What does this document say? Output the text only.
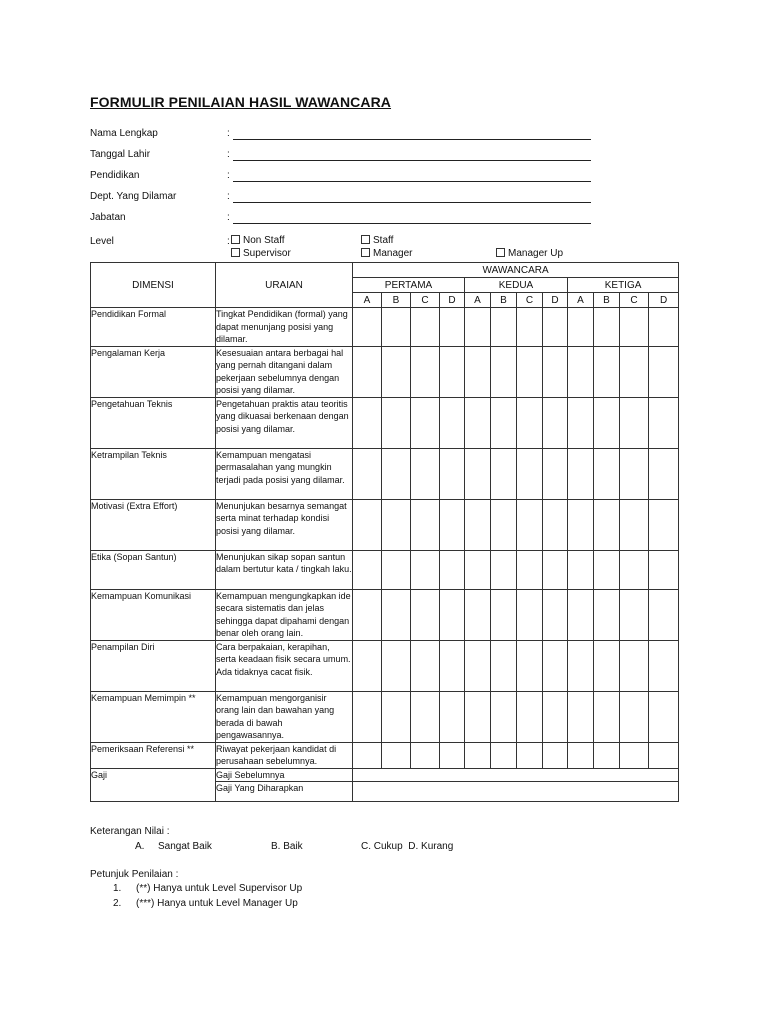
FORMULIR PENILAIAN HASIL WAWANCARA
Nama Lengkap	:
Tanggal Lahir	:
Pendidikan	:
Dept. Yang Dilamar	:
Jabatan	:
Level	:	Non Staff	Staff
Supervisor	Manager	Manager Up
DIMENSI	URAIAN	WAWANCARA											
		PERTAMA				KEDUA				KETIGA			
		A	B	C	D	A	B	C	D	A	B	C	D
Pendidikan Formal	Tingkat Pendidikan (formal) yang dapat menunjang posisi yang dilamar.												
Pengalaman Kerja	Kesesuaian antara berbagai hal yang pernah ditangani dalam pekerjaan sebelumnya dengan posisi yang dilamar.												
Pengetahuan Teknis	Pengetahuan praktis atau teoritis yang dikuasai berkenaan dengan posisi yang dilamar.												
Ketrampilan Teknis	Kemampuan mengatasi permasalahan yang mungkin terjadi pada posisi yang dilamar.												
Motivasi (Extra Effort)	Menunjukan besarnya semangat serta minat terhadap kondisi posisi yang dilamar.												
Etika (Sopan Santun)	Menunjukan sikap sopan santun dalam bertutur kata / tingkah laku.												
Kemampuan Komunikasi	Kemampuan mengungkapkan ide secara sistematis dan jelas sehingga dapat dipahami dengan benar oleh orang lain.												
Penampilan Diri	Cara berpakaian, kerapihan, serta keadaan fisik secara umum. Ada tidaknya cacat fisik.												
Kemampuan Memimpin **	Kemampuan mengorganisir orang lain dan bawahan yang berada di bawah pengawasannya.												
Pemeriksaan Referensi **	Riwayat pekerjaan kandidat di perusahaan sebelumnya.												
Gaji	Gaji Sebelumnya												
	Gaji Yang Diharapkan												
Keterangan Nilai :
A. Sangat Baik	B. Baik	C. Cukup  D. Kurang
Petunjuk Penilaian :
1. (**) Hanya untuk Level Supervisor Up
2. (***) Hanya untuk Level Manager Up
